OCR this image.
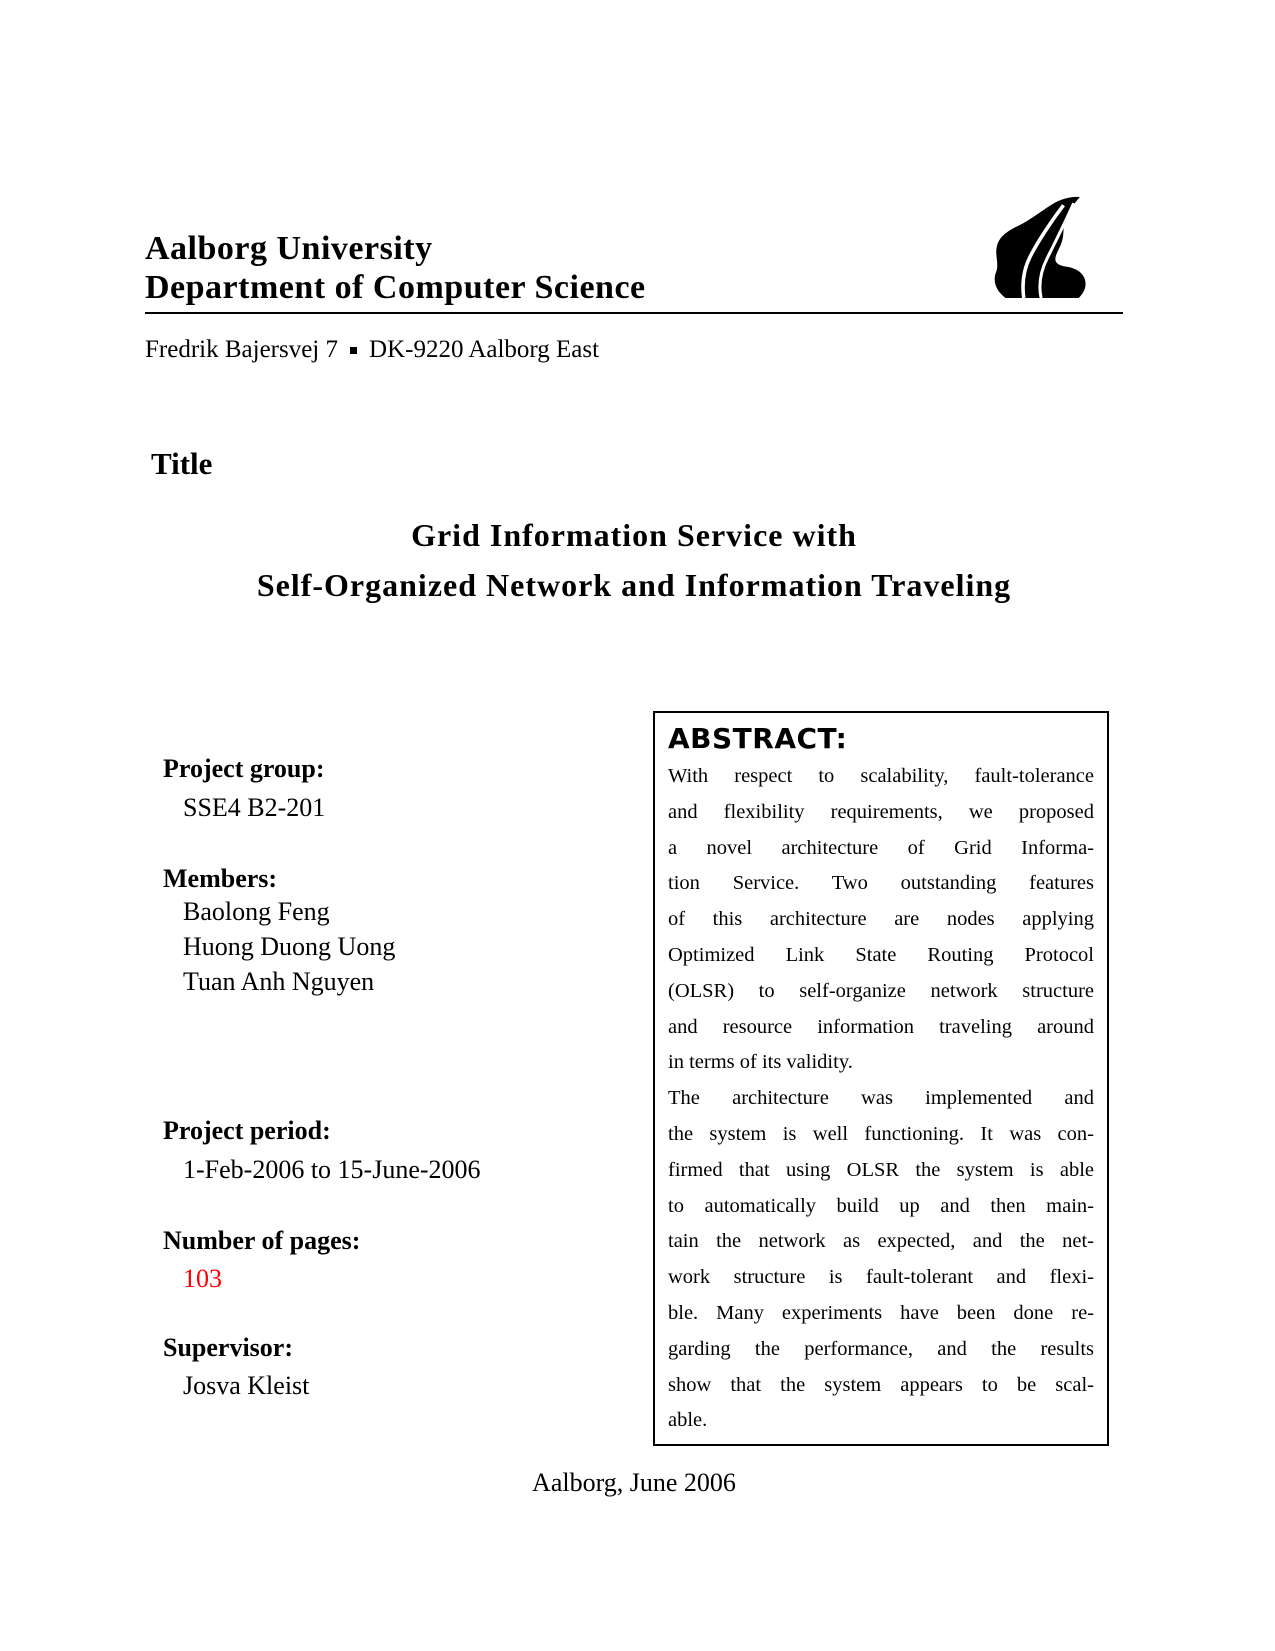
Aalborg University
Department of Computer Science
Fredrik Bajersvej 7 DK-9220 Aalborg East
Title
Grid Information Service with
Self-Organized Network and Information Traveling
Project group:
SSE4 B2-201
Members:
Baolong Feng
Huong Duong Uong
Tuan Anh Nguyen
Project period:
1-Feb-2006 to 15-June-2006
Number of pages:
103
Supervisor:
Josva Kleist
ABSTRACT:
With respect to scalability, fault-tolerance
and flexibility requirements, we proposed
a novel architecture of Grid Informa-
tion Service. Two outstanding features
of this architecture are nodes applying
Optimized Link State Routing Protocol
(OLSR) to self-organize network structure
and resource information traveling around
in terms of its validity.
The architecture was implemented and
the system is well functioning. It was con-
firmed that using OLSR the system is able
to automatically build up and then main-
tain the network as expected, and the net-
work structure is fault-tolerant and flexi-
ble. Many experiments have been done re-
garding the performance, and the results
show that the system appears to be scal-
able.
Aalborg, June 2006
